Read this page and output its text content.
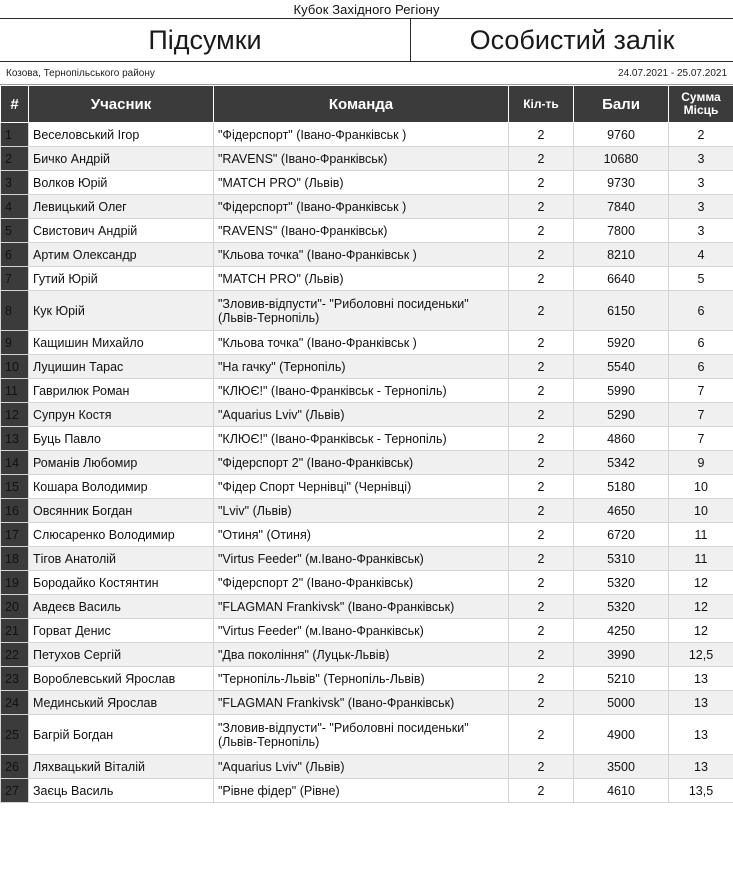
Кубок Західного Регіону
Підсумки	Особистий залік
Козова, Тернопільського району	24.07.2021 - 25.07.2021
#	Учасник	Команда	Кіл-ть	Бали	Сумма
Місць
1	Веселовський Ігор	"Фідерспорт" (Івано-Франківськ )	2	9760	2
2	Бичко Андрій	"RAVENS" (Івано-Франківськ)	2	10680	3
3	Волков Юрій	"MATCH PRO" (Львів)	2	9730	3
4	Левицький Олег	"Фідерспорт" (Івано-Франківськ )	2	7840	3
5	Свистович Андрій	"RAVENS" (Івано-Франківськ)	2	7800	3
6	Артим Олександр	"Кльова точка" (Івано-Франківськ )	2	8210	4
7	Гутий Юрій	"MATCH PRO" (Львів)	2	6640	5
8	Кук Юрій	"Зловив-відпусти"- "Риболовні посиденьки" (Львів-Тернопіль)	2	6150	6
9	Кащишин Михайло	"Кльова точка" (Івано-Франківськ )	2	5920	6
10	Луцишин Тарас	"На гачку" (Тернопіль)	2	5540	6
11	Гаврилюк Роман	"КЛЮЄ!" (Івано-Франківськ - Тернопіль)	2	5990	7
12	Супрун Костя	"Aquarius Lviv" (Львів)	2	5290	7
13	Буць Павло	"КЛЮЄ!" (Івано-Франківськ - Тернопіль)	2	4860	7
14	Романів Любомир	"Фідерспорт 2" (Івано-Франківськ)	2	5342	9
15	Кошара Володимир	"Фідер Спорт Чернівці" (Чернівці)	2	5180	10
16	Овсянник Богдан	"Lviv" (Львів)	2	4650	10
17	Слюсаренко Володимир	"Отиня" (Отиня)	2	6720	11
18	Тігов Анатолій	"Virtus Feeder" (м.Івано-Франківськ)	2	5310	11
19	Бородайко Костянтин	"Фідерспорт 2" (Івано-Франківськ)	2	5320	12
20	Авдеєв Василь	"FLAGMAN Frankivsk" (Івано-Франківськ)	2	5320	12
21	Горват Денис	"Virtus Feeder" (м.Івано-Франківськ)	2	4250	12
22	Петухов Сергій	"Два покоління" (Луцьк-Львів)	2	3990	12,5
23	Вороблевський Ярослав	"Тернопіль-Львів" (Тернопіль-Львів)	2	5210	13
24	Мединський Ярослав	"FLAGMAN Frankivsk" (Івано-Франківськ)	2	5000	13
25	Багрій Богдан	"Зловив-відпусти"- "Риболовні посиденьки" (Львів-Тернопіль)	2	4900	13
26	Ляхвацький Віталій	"Aquarius Lviv" (Львів)	2	3500	13
27	Заєць Василь	"Рівне фідер" (Рівне)	2	4610	13,5
